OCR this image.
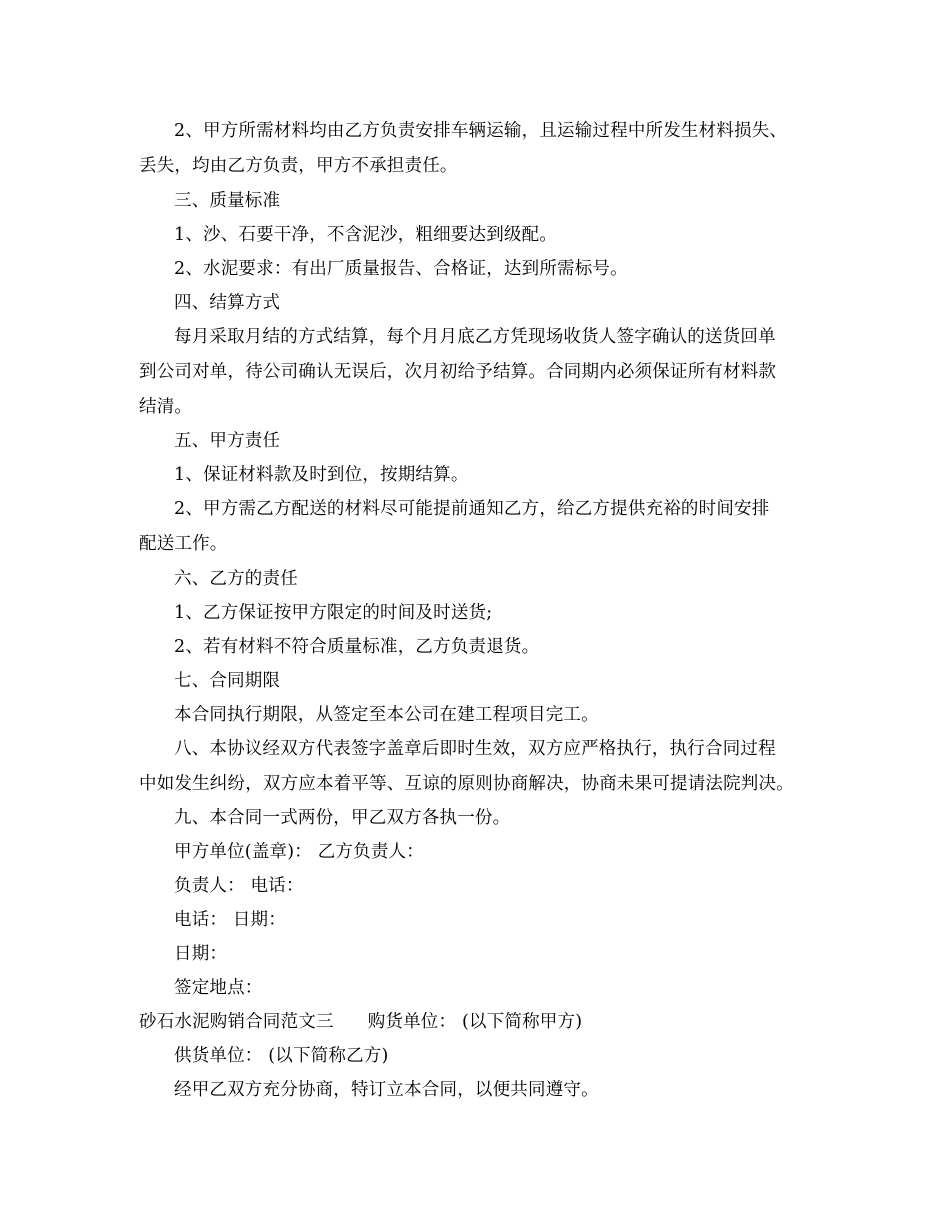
2、甲方所需材料均由乙方负责安排车辆运输，且运输过程中所发生材料损失、
丢失，均由乙方负责，甲方不承担责任。
三、质量标准
1、沙、石要干净，不含泥沙，粗细要达到级配。
2、水泥要求：有出厂质量报告、合格证，达到所需标号。
四、结算方式
每月采取月结的方式结算，每个月月底乙方凭现场收货人签字确认的送货回单
到公司对单，待公司确认无误后，次月初给予结算。合同期内必须保证所有材料款
结清。
五、甲方责任
1、保证材料款及时到位，按期结算。
2、甲方需乙方配送的材料尽可能提前通知乙方，给乙方提供充裕的时间安排
配送工作。
六、乙方的责任
1、乙方保证按甲方限定的时间及时送货;
2、若有材料不符合质量标准，乙方负责退货。
七、合同期限
本合同执行期限，从签定至本公司在建工程项目完工。
八、本协议经双方代表签字盖章后即时生效，双方应严格执行，执行合同过程
中如发生纠纷，双方应本着平等、互谅的原则协商解决，协商未果可提请法院判决。
九、本合同一式两份，甲乙双方各执一份。
甲方单位(盖章)： 乙方负责人：
负责人： 电话：
电话： 日期：
日期：
签定地点：
砂石水泥购销合同范文三 购货单位： (以下简称甲方)
供货单位： (以下简称乙方)
经甲乙双方充分协商，特订立本合同，以便共同遵守。
